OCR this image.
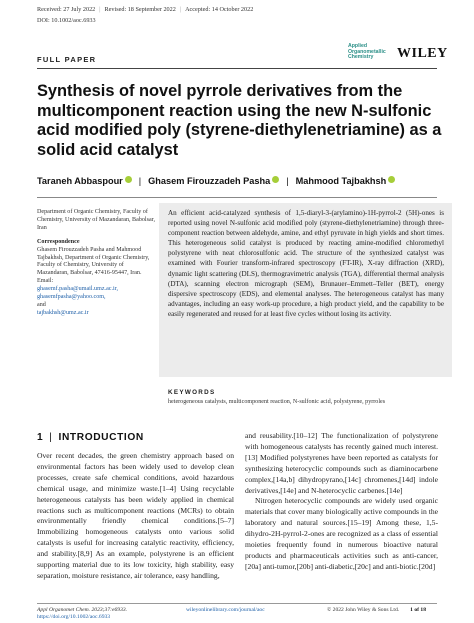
Received: 27 July 2022 | Revised: 18 September 2022 | Accepted: 14 October 2022
DOI: 10.1002/aoc.6933
FULL PAPER
Applied Organometallic Chemistry	WILEY
Synthesis of novel pyrrole derivatives from the multicomponent reaction using the new N-sulfonic acid modified poly (styrene-diethylenetriamine) as a solid acid catalyst
Taraneh Abbaspour | Ghasem Firouzzadeh Pasha | Mahmood Tajbakhsh
Department of Organic Chemistry, Faculty of Chemistry, University of Mazandaran, Babolsar, Iran
Correspondence
Ghasem Firouzzadeh Pasha and Mahmood Tajbakhsh, Department of Organic Chemistry, Faculty of Chemistry, University of Mazandaran, Babolsar, 47416-95447, Iran.
Email:
ghasemf.pasha@umail.umz.ac.ir,
ghasemfpasha@yahoo.com,
and
tajbakhsh@umz.ac.ir

An efficient acid-catalyzed synthesis of 1,5-diaryl-3-(arylamino)-1H-pyrrol-2 (5H)-ones is reported using novel N-sulfonic acid modified poly (styrene-diethylenetriamine) through three-component reaction between aldehyde, amine, and ethyl pyruvate in high yields and short times. This heterogeneous solid catalyst is produced by reacting amine-modified chloromethyl polystyrene with neat chlorosulfonic acid. The structure of the synthesized catalyst was examined with Fourier transform-infrared spectroscopy (FT-IR), X-ray diffraction (XRD), dynamic light scattering (DLS), thermogravimetric analysis (TGA), differential thermal analysis (DTA), scanning electron micrograph (SEM), Brunauer–Emmett–Teller (BET), energy dispersive spectroscopy (EDS), and elemental analyses. The heterogeneous catalyst has many advantages, including an easy work-up procedure, a high product yield, and the capability to be easily regenerated and reused for at least five cycles without losing its activity.

KEYWORDS
heterogeneous catalysts, multicomponent reaction, N-sulfonic acid, polystyrene, pyrroles
1 | INTRODUCTION

Over recent decades, the green chemistry approach based on environmental factors has been widely used to develop clean processes, create safe chemical conditions, avoid hazardous chemical usage, and minimize waste.[1–4] Using recyclable heterogeneous catalysts has been widely applied in chemical reactions such as multicomponent reactions (MCRs) to obtain environmentally friendly chemical conditions.[5–7] Immobilizing homogeneous catalysts onto various solid catalysts is useful for increasing catalytic reactivity, efficiency, and stability.[8,9] As an example, polystyrene is an efficient supporting material due to its low toxicity, high stability, easy separation, moisture resistance, air tolerance, easy handling,

and reusability.[10–12] The functionalization of polystyrene with homogeneous catalysts has recently gained much interest.[13] Modified polystyrenes have been reported as catalysts for synthesizing heterocyclic compounds such as diaminocarbene complex,[14a,b] dihydropyrano,[14c] chromenes,[14d] indole derivatives,[14e] and N-heterocyclic carbenes.[14e]

Nitrogen heterocyclic compounds are widely used organic materials that cover many biologically active compounds in the laboratory and natural sources.[15–19] Among these, 1,5-dihydro-2H-pyrrol-2-ones are recognized as a class of essential moieties frequently found in numerous bioactive natural products and pharmaceuticals activities such as anti-cancer,[20a] anti-tumor,[20b] anti-diabetic,[20c] and anti-biotic.[20d]

Appl Organomet Chem. 2023;37:e6933.
https://doi.org/10.1002/aoc.6933
wileyonlinelibrary.com/journal/aoc	© 2022 John Wiley & Sons Ltd. 1 of 18
